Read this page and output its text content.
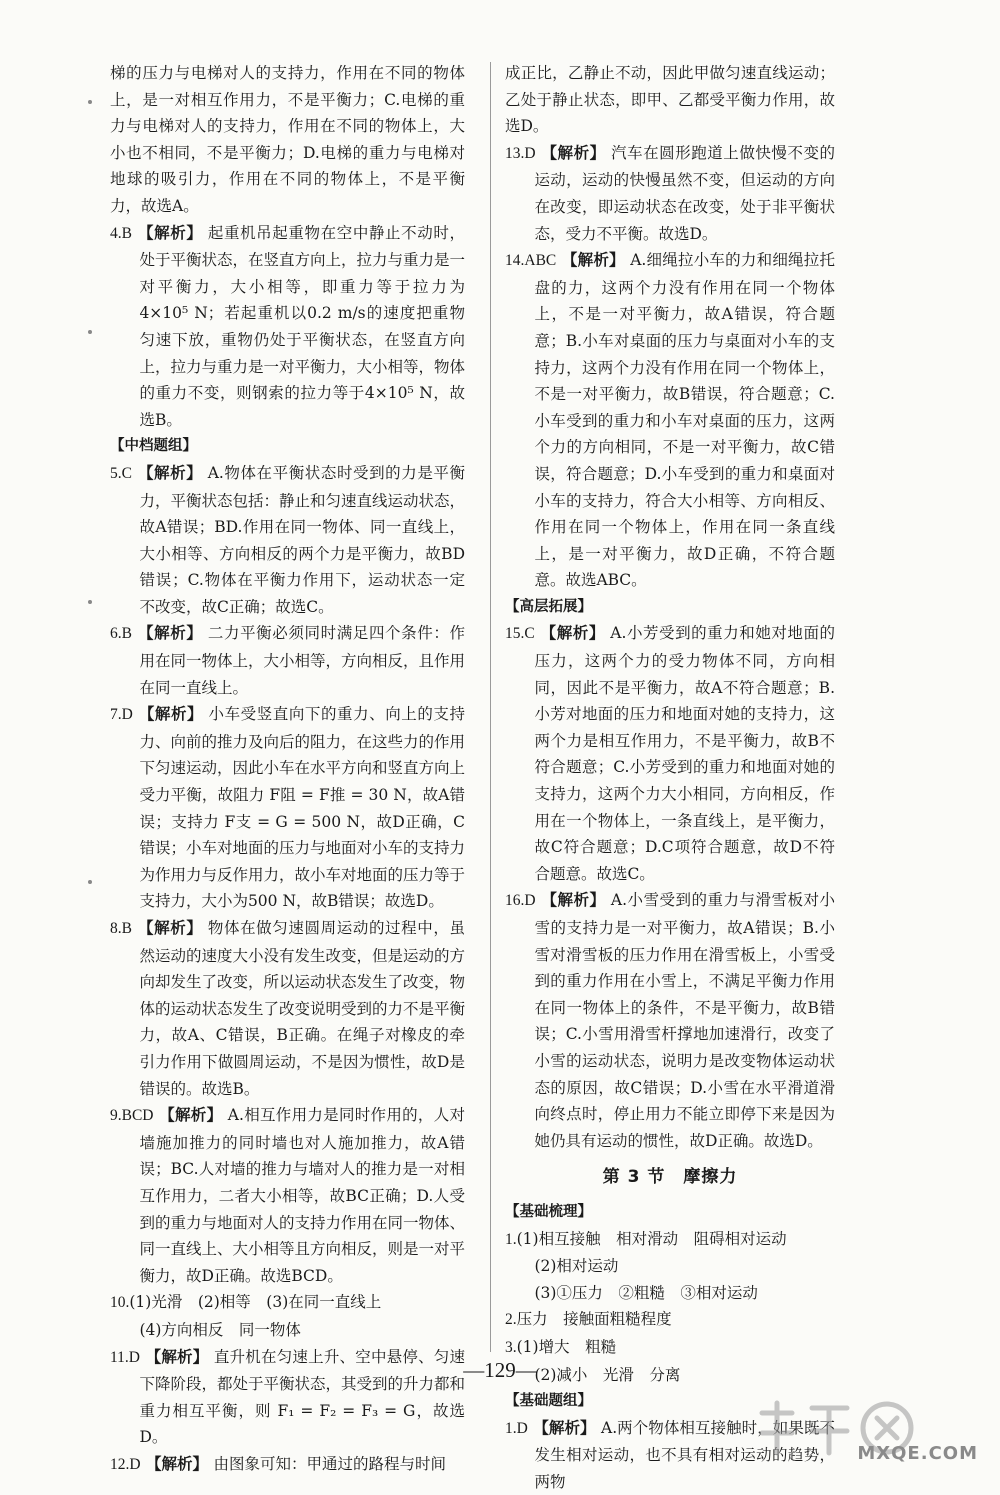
梯的压力与电梯对人的支持力，作用在不同的物体上，是一对相互作用力，不是平衡力；C.电梯的重力与电梯对人的支持力，作用在不同的物体上，大小也不相同，不是平衡力；D.电梯的重力与电梯对地球的吸引力，作用在不同的物体上，不是平衡力，故选A。

4.B 【解析】 起重机吊起重物在空中静止不动时，处于平衡状态，在竖直方向上，拉力与重力是一对平衡力，大小相等，即重力等于拉力为4×10⁵ N；若起重机以0.2 m/s的速度把重物匀速下放，重物仍处于平衡状态，在竖直方向上，拉力与重力是一对平衡力，大小相等，物体的重力不变，则钢索的拉力等于4×10⁵ N，故选B。

【中档题组】

5.C 【解析】 A.物体在平衡状态时受到的力是平衡力，平衡状态包括：静止和匀速直线运动状态，故A错误；BD.作用在同一物体、同一直线上，大小相等、方向相反的两个力是平衡力，故BD错误；C.物体在平衡力作用下，运动状态一定不改变，故C正确；故选C。

6.B 【解析】 二力平衡必须同时满足四个条件：作用在同一物体上，大小相等，方向相反，且作用在同一直线上。

7.D 【解析】 小车受竖直向下的重力、向上的支持力、向前的推力及向后的阻力，在这些力的作用下匀速运动，因此小车在水平方向和竖直方向上受力平衡，故阻力 F阻 = F推 = 30 N，故A错误；支持力 F支 = G = 500 N，故D正确，C错误；小车对地面的压力与地面对小车的支持力为作用力与反作用力，故小车对地面的压力等于支持力，大小为500 N，故B错误；故选D。

8.B 【解析】 物体在做匀速圆周运动的过程中，虽然运动的速度大小没有发生改变，但是运动的方向却发生了改变，所以运动状态发生了改变，物体的运动状态发生了改变说明受到的力不是平衡力，故A、C错误，B正确。在绳子对橡皮的牵引力作用下做圆周运动，不是因为惯性，故D是错误的。故选B。

9.BCD 【解析】 A.相互作用力是同时作用的，人对墙施加推力的同时墙也对人施加推力，故A错误；BC.人对墙的推力与墙对人的推力是一对相互作用力，二者大小相等，故BC正确；D.人受到的重力与地面对人的支持力作用在同一物体、同一直线上、大小相等且方向相反，则是一对平衡力，故D正确。故选BCD。

10.(1)光滑　(2)相等　(3)在同一直线上

(4)方向相反　同一物体

11.D 【解析】 直升机在匀速上升、空中悬停、匀速下降阶段，都处于平衡状态，其受到的升力都和重力相互平衡，则 F₁ = F₂ = F₃ = G，故选D。

12.D 【解析】 由图象可知：甲通过的路程与时间

成正比，乙静止不动，因此甲做匀速直线运动；乙处于静止状态，即甲、乙都受平衡力作用，故选D。

13.D 【解析】 汽车在圆形跑道上做快慢不变的运动，运动的快慢虽然不变，但运动的方向在改变，即运动状态在改变，处于非平衡状态，受力不平衡。故选D。

14.ABC 【解析】 A.细绳拉小车的力和细绳拉托盘的力，这两个力没有作用在同一个物体上，不是一对平衡力，故A错误，符合题意；B.小车对桌面的压力与桌面对小车的支持力，这两个力没有作用在同一个物体上，不是一对平衡力，故B错误，符合题意；C.小车受到的重力和小车对桌面的压力，这两个力的方向相同，不是一对平衡力，故C错误，符合题意；D.小车受到的重力和桌面对小车的支持力，符合大小相等、方向相反、作用在同一个物体上，作用在同一条直线上，是一对平衡力，故D正确，不符合题意。故选ABC。

【高层拓展】

15.C 【解析】 A.小芳受到的重力和她对地面的压力，这两个力的受力物体不同，方向相同，因此不是平衡力，故A不符合题意；B.小芳对地面的压力和地面对她的支持力，这两个力是相互作用力，不是平衡力，故B不符合题意；C.小芳受到的重力和地面对她的支持力，这两个力大小相同，方向相反，作用在一个物体上，一条直线上，是平衡力，故C符合题意；D.C项符合题意，故D不符合题意。故选C。

16.D 【解析】 A.小雪受到的重力与滑雪板对小雪的支持力是一对平衡力，故A错误；B.小雪对滑雪板的压力作用在滑雪板上，小雪受到的重力作用在小雪上，不满足平衡力作用在同一物体上的条件，不是平衡力，故B错误；C.小雪用滑雪杆撑地加速滑行，改变了小雪的运动状态，说明力是改变物体运动状态的原因，故C错误；D.小雪在水平滑道滑向终点时，停止用力不能立即停下来是因为她仍具有运动的惯性，故D正确。故选D。

第 3 节　摩擦力

【基础梳理】

1.(1)相互接触　相对滑动　阻碍相对运动

(2)相对运动

(3)①压力　②粗糙　③相对运动

2.压力　接触面粗糙程度

3.(1)增大　粗糙

(2)减小　光滑　分离

【基础题组】

1.D 【解析】 A.两个物体相互接触时，如果既不发生相对运动，也不具有相对运动的趋势，两物

—129—
MXQE.COM
